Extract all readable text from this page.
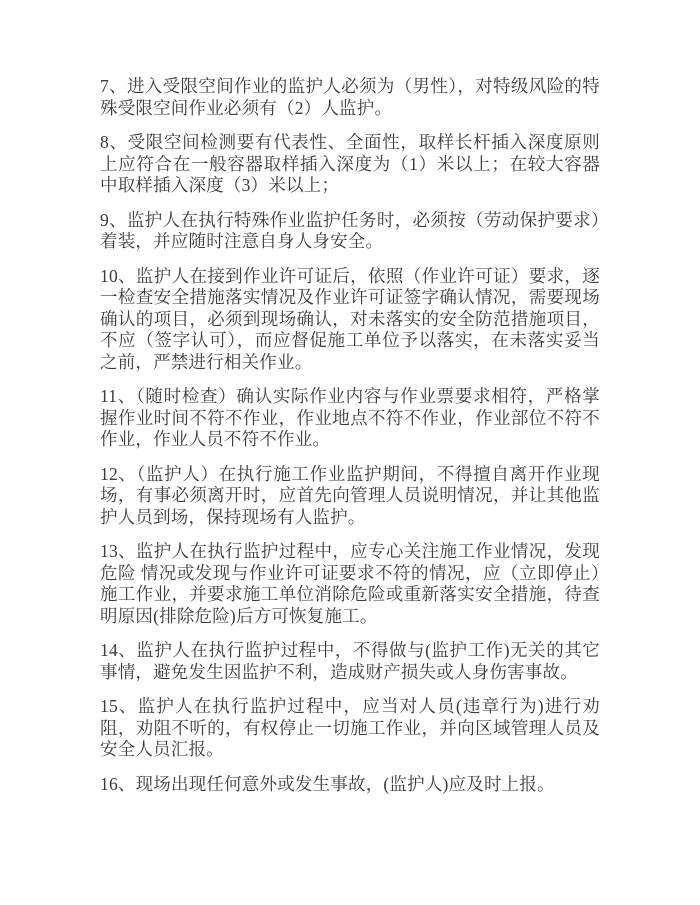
7、进入受限空间作业的监护人必须为（男性），对特级风险的特殊受限空间作业必须有（2）人监护。

8、受限空间检测要有代表性、全面性，取样长杆插入深度原则上应符合在一般容器取样插入深度为（1）米以上；在较大容器中取样插入深度（3）米以上；

9、监护人在执行特殊作业监护任务时，必须按（劳动保护要求）着装，并应随时注意自身人身安全。

10、监护人在接到作业许可证后，依照（作业许可证）要求，逐一检查安全措施落实情况及作业许可证签字确认情况，需要现场确认的项目，必须到现场确认，对未落实的安全防范措施项目，不应（签字认可），而应督促施工单位予以落实，在未落实妥当之前，严禁进行相关作业。

11、（随时检查）确认实际作业内容与作业票要求相符，严格掌握作业时间不符不作业，作业地点不符不作业，作业部位不符不作业，作业人员不符不作业。

12、（监护人）在执行施工作业监护期间，不得擅自离开作业现场，有事必须离开时，应首先向管理人员说明情况，并让其他监护人员到场，保持现场有人监护。

13、监护人在执行监护过程中，应专心关注施工作业情况，发现危险 情况或发现与作业许可证要求不符的情况，应（立即停止）施工作业，并要求施工单位消除危险或重新落实安全措施，待查明原因(排除危险)后方可恢复施工。

14、监护人在执行监护过程中，不得做与(监护工作)无关的其它事情，避免发生因监护不利，造成财产损失或人身伤害事故。

15、监护人在执行监护过程中，应当对人员(违章行为)进行劝阻，劝阻不听的，有权停止一切施工作业，并向区域管理人员及安全人员汇报。

16、现场出现任何意外或发生事故，(监护人)应及时上报。
